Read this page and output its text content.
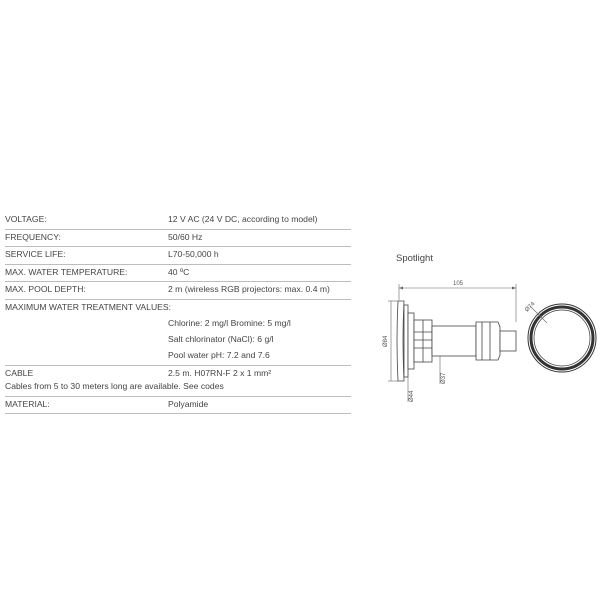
VOLTAGE:	12 V AC (24 V DC, according to model)
FREQUENCY:	50/60 Hz
SERVICE LIFE:	L70-50,000 h
MAX. WATER TEMPERATURE:	40 ºC
MAX. POOL DEPTH:	2 m (wireless RGB projectors: max. 0.4 m)
MAXIMUM WATER TREATMENT VALUES:
Chlorine: 2 mg/l Bromine: 5 mg/l
Salt chlorinator (NaCl): 6 g/l
Pool water pH: 7.2 and 7.6
CABLE	2.5 m. H07RN-F 2 x 1 mm²
Cables from 5 to 30 meters long are available. See codes
MATERIAL:	Polyamide
Spotlight
105
Ø84
Ø44
Ø37
Ø74
